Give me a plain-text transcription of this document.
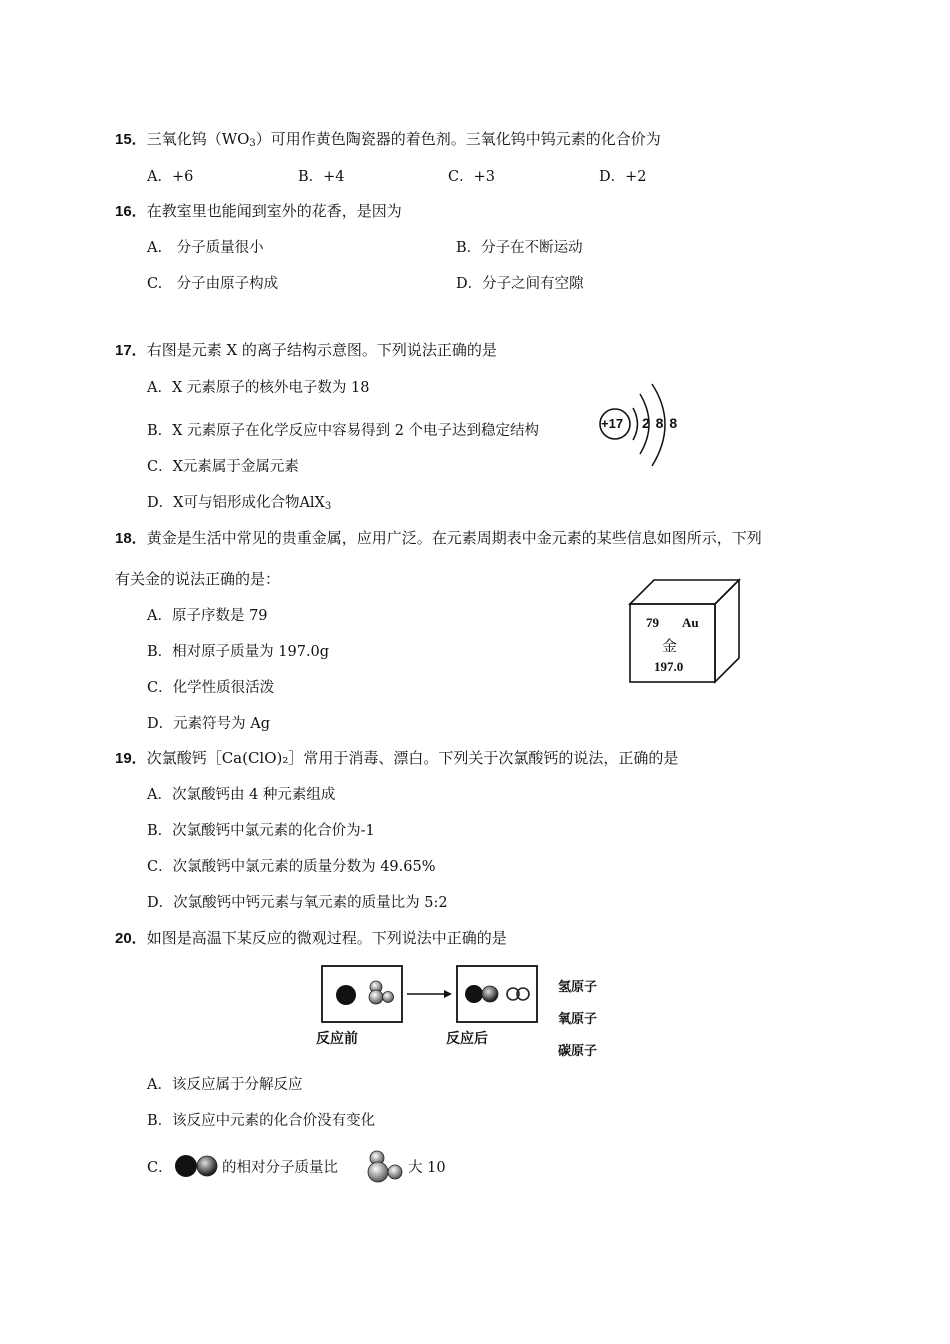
15．三氧化钨$(WO_3)$可用作黄色陶瓷器的着色剂。三氧化钨中钨元素的化合价为
A．+6	B．+4	C．+3	D．+2
16．在教室里也能闻到室外的花香，是因为
A.　分子质量很小	B．分子在不断运动
C.　分子由原子构成	D．分子之间有空隙
17．右图是元素 X 的离子结构示意图。下列说法正确的是
A．X 元素原子的核外电子数为 18
B．X 元素原子在化学反应中容易得到 2 个电子达到稳定结构
C．X元素属于金属元素
D．X可与铝形成化合物AlX$_3$
+17 2 8 8
18．黄金是生活中常见的贵重金属，应用广泛。在元素周期表中金元素的某些信息如图所示，下列
有关金的说法正确的是：
A．原子序数是 79
B．相对原子质量为 197.0g
C．化学性质很活泼
D．元素符号为 Ag
79 Au
金
197.0
19．次氯酸钙［Ca(ClO)₂］常用于消毒、漂白。下列关于次氯酸钙的说法，正确的是
A．次氯酸钙由 4 种元素组成
B．次氯酸钙中氯元素的化合价为-1
C．次氯酸钙中氯元素的质量分数为 49.65%
D．次氯酸钙中钙元素与氧元素的质量比为 5:2
20．如图是高温下某反应的微观过程。下列说法中正确的是
反应前	反应后
氢原子
氧原子
碳原子
A．该反应属于分解反应
B．该反应中元素的化合价没有变化
C．	的相对分子质量比	大 10
